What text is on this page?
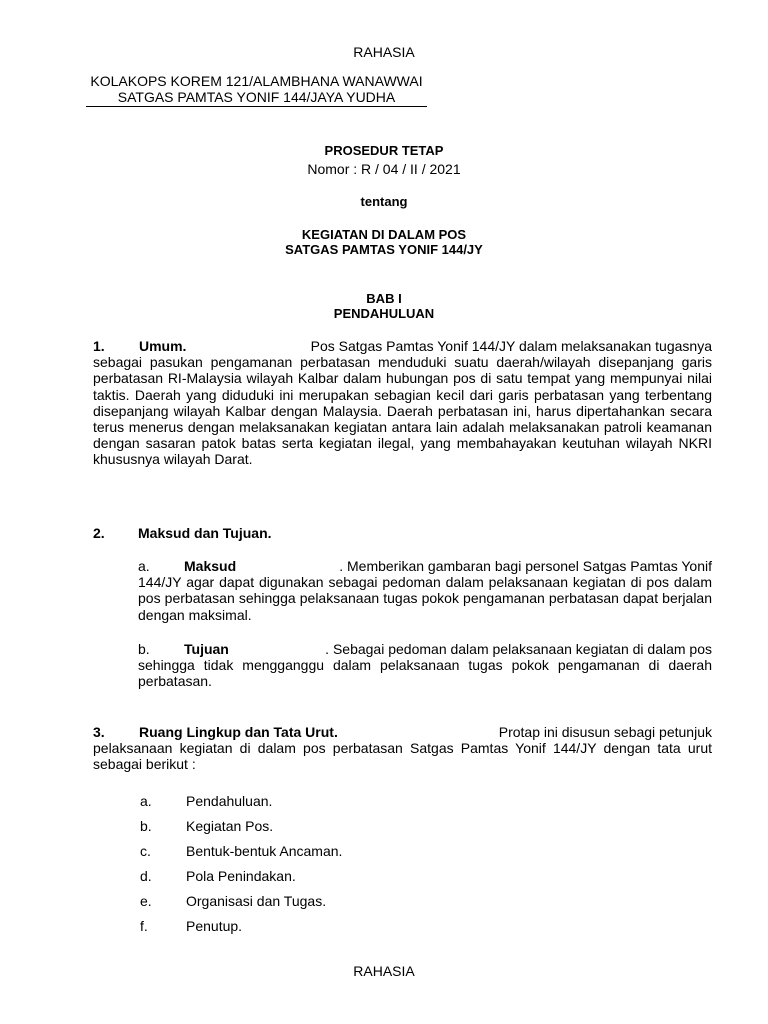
RAHASIA
KOLAKOPS KOREM 121/ALAMBHANA WANAWWAI
SATGAS PAMTAS YONIF 144/JAYA YUDHA
PROSEDUR TETAP
Nomor : R / 04 / II / 2021
tentang
KEGIATAN DI DALAM POS
SATGAS PAMTAS YONIF 144/JY
BAB I
PENDAHULUAN
1. Umum.	Pos Satgas Pamtas Yonif 144/JY dalam melaksanakan tugasnya
sebagai pasukan pengamanan perbatasan menduduki suatu daerah/wilayah disepanjang garis perbatasan RI-Malaysia wilayah Kalbar dalam hubungan pos di satu tempat yang mempunyai nilai taktis. Daerah yang diduduki ini merupakan sebagian kecil dari garis perbatasan yang terbentang disepanjang wilayah Kalbar dengan Malaysia. Daerah perbatasan ini, harus dipertahankan secara terus menerus dengan melaksanakan kegiatan antara lain adalah melaksanakan patroli keamanan dengan sasaran patok batas serta kegiatan ilegal, yang membahayakan keutuhan wilayah NKRI khususnya wilayah Darat.
2. Maksud dan Tujuan.
a. Maksud	. Memberikan gambaran bagi personel Satgas Pamtas Yonif
144/JY agar dapat digunakan sebagai pedoman dalam pelaksanaan kegiatan di pos dalam pos perbatasan sehingga pelaksanaan tugas pokok pengamanan perbatasan dapat berjalan dengan maksimal.
b. Tujuan	. Sebagai pedoman dalam pelaksanaan kegiatan di dalam pos
sehingga tidak mengganggu dalam pelaksanaan tugas pokok pengamanan di daerah perbatasan.
3. Ruang Lingkup dan Tata Urut.	Protap ini disusun sebagi petunjuk
pelaksanaan kegiatan di dalam pos perbatasan Satgas Pamtas Yonif 144/JY dengan tata urut sebagai berikut :
a. Pendahuluan.
b. Kegiatan Pos.
c.	Bentuk-bentuk Ancaman.
d. Pola Penindakan.
e. Organisasi dan Tugas.
f.	Penutup.
RAHASIA
